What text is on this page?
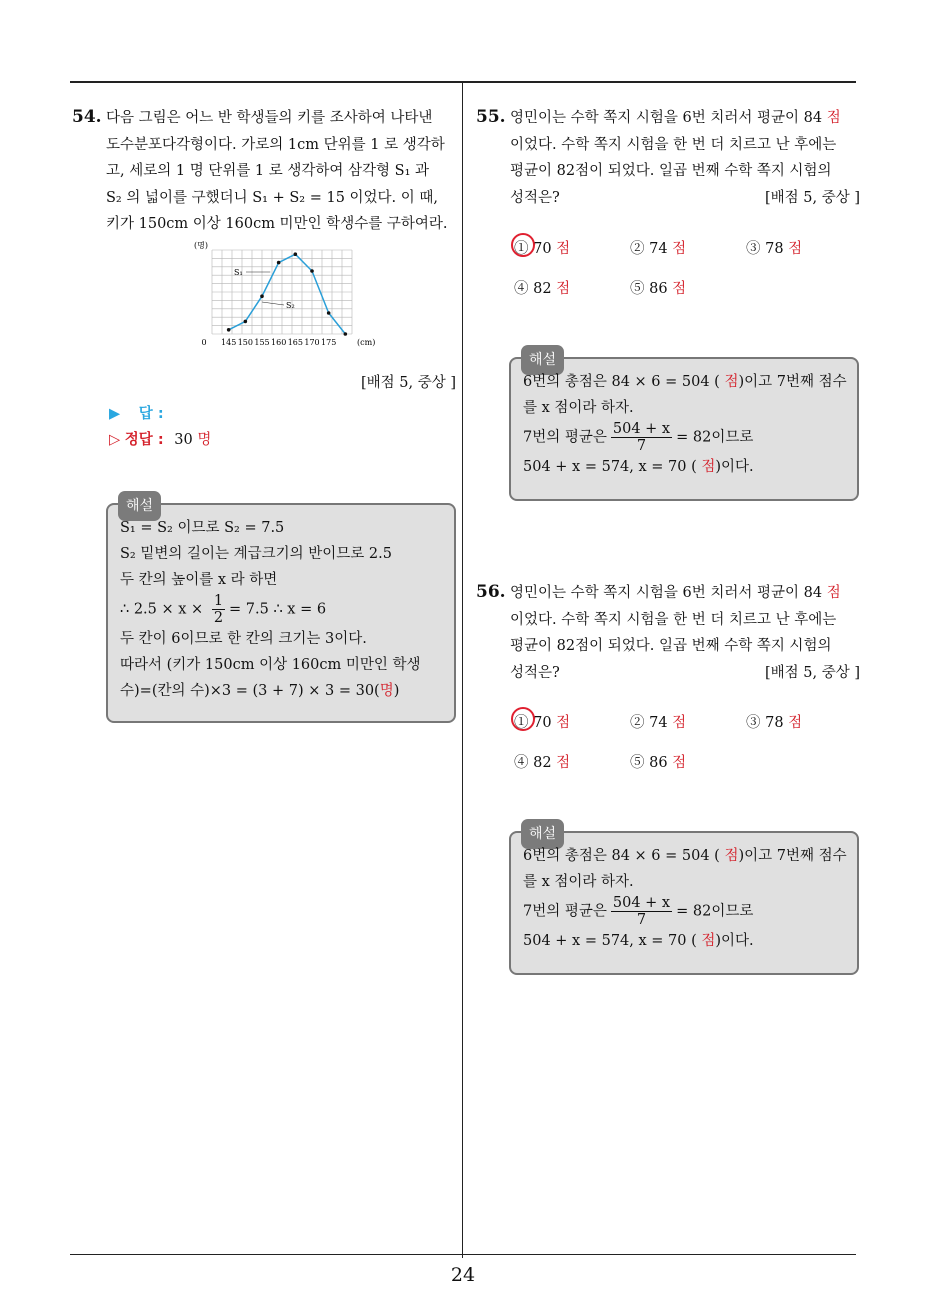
54. 다음 그림은 어느 반 학생들의 키를 조사하여 나타낸
도수분포다각형이다. 가로의 1cm 단위를 1 로 생각하
고, 세로의 1 명 단위를 1 로 생각하여 삼각형 S₁ 과
S₂ 의 넓이를 구했더니 S₁ + S₂ = 15 이었다. 이 때,
키가 150cm 이상 160cm 미만인 학생수를 구하여라.
(명)
0 145 150 155 160 165 170 175	(cm)
S₁
S₂
[배점 5, 중상 ]
▶ 답 :
▷ 정답 : 30 명
해설
S₁ = S₂ 이므로 S₂ = 7.5
S₂ 밑변의 길이는 계급크기의 반이므로 2.5
두 칸의 높이를 x 라 하면
∴ $2.5 \times x \times \frac{1}{2} = 7.5$ ∴ x = 6
두 칸이 6이므로 한 칸의 크기는 3이다.
따라서 (키가 150cm 이상 160cm 미만인 학생
수)=(칸의 수)×3 = (3 + 7) × 3 = 30(명)
55. 영민이는 수학 쪽지 시험을 6번 치러서 평균이 84 점
이었다. 수학 쪽지 시험을 한 번 더 치르고 난 후에는
평균이 82점이 되었다. 일곱 번째 수학 쪽지 시험의
성적은?	[배점 5, 중상 ]
① 70 점	② 74 점	③ 78 점
④ 82 점	⑤ 86 점
해설
6번의 총점은 84 × 6 = 504 ( 점)이고 7번째 점수
를 x 점이라 하자.
7번의 평균은 $\frac{504 + x}{7} = 82$이므로
504 + x = 574, x = 70 ( 점)이다.
56. 영민이는 수학 쪽지 시험을 6번 치러서 평균이 84 점
이었다. 수학 쪽지 시험을 한 번 더 치르고 난 후에는
평균이 82점이 되었다. 일곱 번째 수학 쪽지 시험의
성적은?	[배점 5, 중상 ]
① 70 점	② 74 점	③ 78 점
④ 82 점	⑤ 86 점
해설
6번의 총점은 84 × 6 = 504 ( 점)이고 7번째 점수
를 x 점이라 하자.
7번의 평균은 $\frac{504 + x}{7} = 82$이므로
504 + x = 574, x = 70 ( 점)이다.
24
